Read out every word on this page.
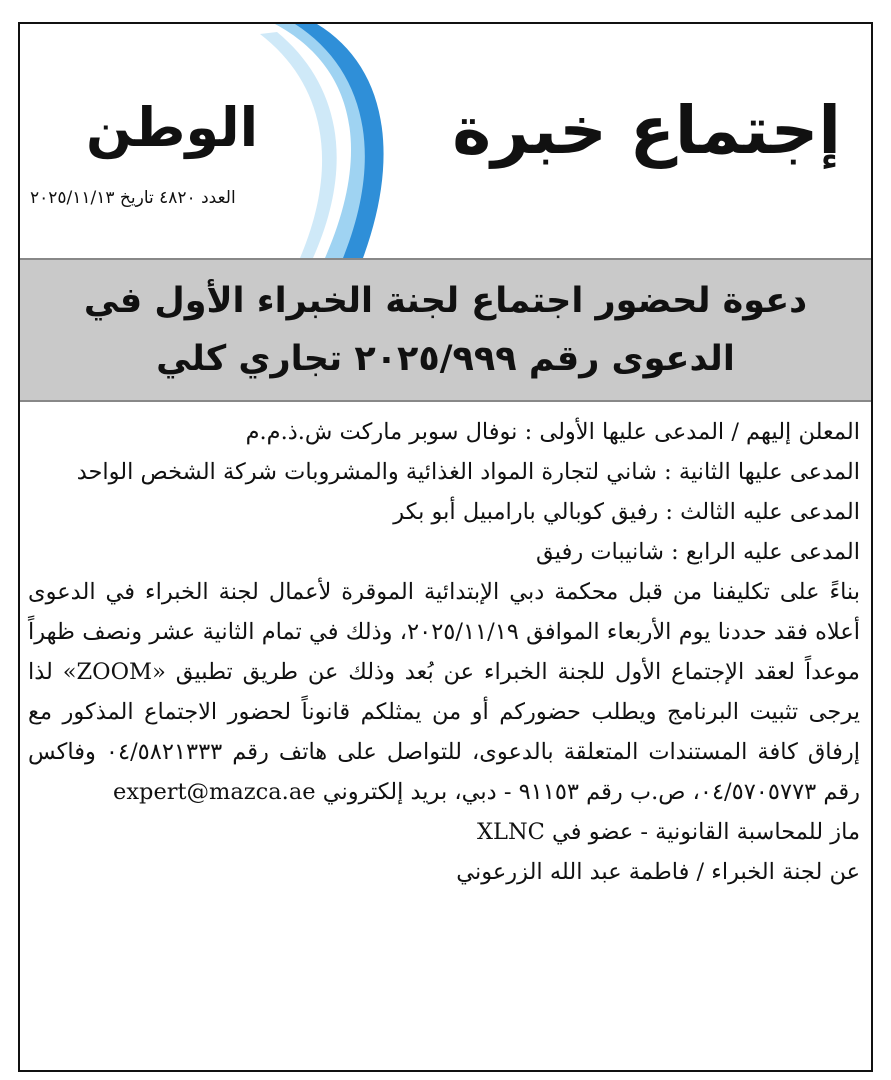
إجتماع خبرة
الوطن
العدد ٤٨٢٠ تاريخ ٢٠٢٥/١١/١٣
دعوة لحضور اجتماع لجنة الخبراء الأول في
الدعوى رقم ٢٠٢٥/٩٩٩ تجاري كلي

المعلن إليهم / المدعى عليها الأولى : نوفال سوبر ماركت ش.ذ.م.م

المدعى عليها الثانية : شاني لتجارة المواد الغذائية والمشروبات شركة الشخص الواحد

المدعى عليه الثالث : رفيق كوبالي بارامبيل أبو بكر

المدعى عليه الرابع : شانيبات رفيق

بناءً على تكليفنا من قبل محكمة دبي الإبتدائية الموقرة لأعمال لجنة الخبراء في الدعوى أعلاه فقد حددنا يوم الأربعاء الموافق ٢٠٢٥/١١/١٩، وذلك في تمام الثانية عشر ونصف ظهراً موعداً لعقد الإجتماع الأول للجنة الخبراء عن بُعد وذلك عن طريق تطبيق «ZOOM» لذا يرجى تثبيت البرنامج ويطلب حضوركم أو من يمثلكم قانوناً لحضور الاجتماع المذكور مع إرفاق كافة المستندات المتعلقة بالدعوى، للتواصل على هاتف رقم ٠٤/٥٨٢١٣٣٣ وفاكس رقم ٠٤/٥٧٠٥٧٧٣، ص.ب رقم ٩١١٥٣ - دبي، بريد إلكتروني expert@mazca.ae

ماز للمحاسبة القانونية - عضو في XLNC

عن لجنة الخبراء / فاطمة عبد الله الزرعوني
